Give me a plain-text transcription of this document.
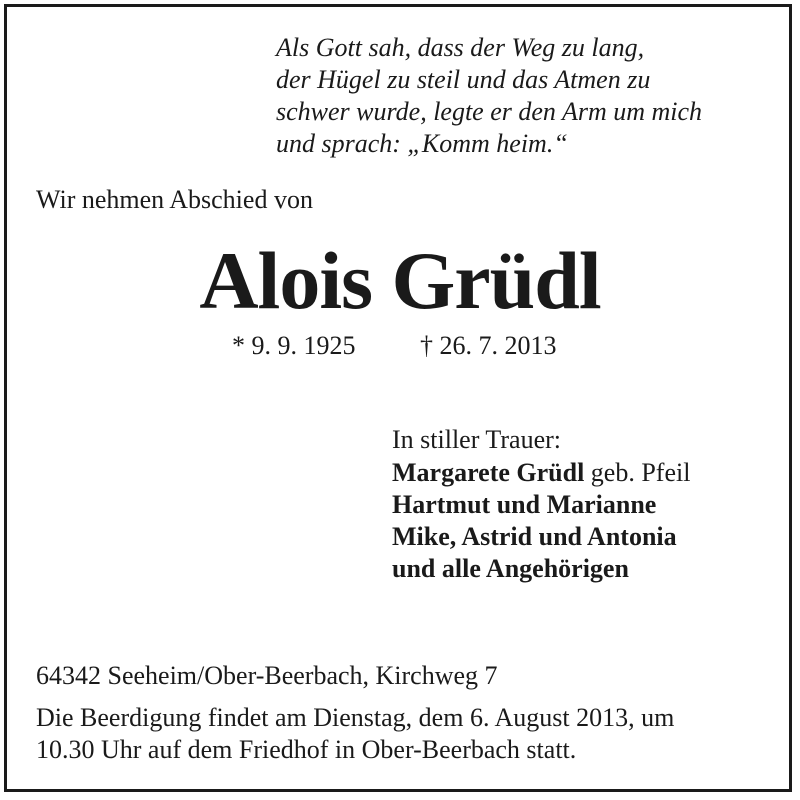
Als Gott sah, dass der Weg zu lang,
der Hügel zu steil und das Atmen zu
schwer wurde, legte er den Arm um mich
und sprach: „Komm heim.“
Wir nehmen Abschied von
Alois Grüdl
* 9. 9. 1925 † 26. 7. 2013
In stiller Trauer:
Margarete Grüdl geb. Pfeil
Hartmut und Marianne
Mike, Astrid und Antonia
und alle Angehörigen
64342 Seeheim/Ober-Beerbach, Kirchweg 7
Die Beerdigung findet am Dienstag, dem 6. August 2013, um
10.30 Uhr auf dem Friedhof in Ober-Beerbach statt.
